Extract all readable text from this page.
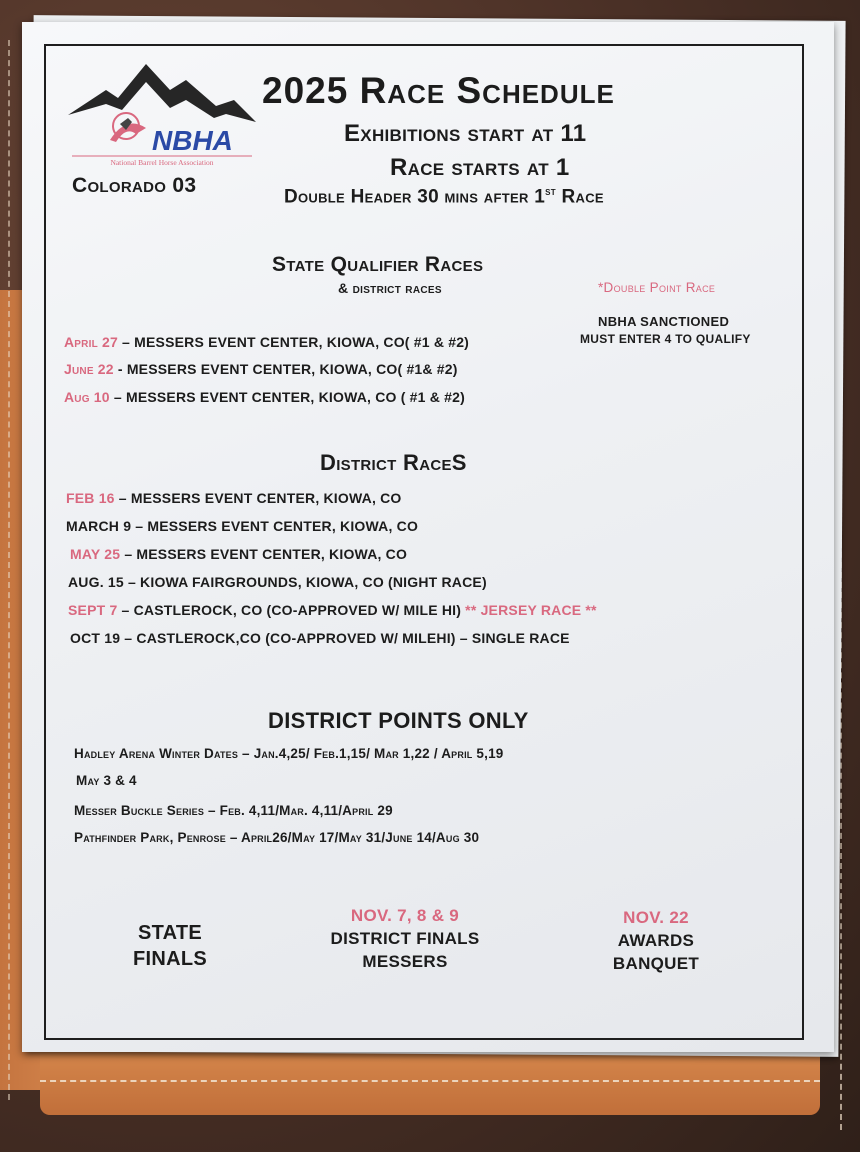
NBHA
National Barrel Horse Association
Colorado 03
2025 Race Schedule
Exhibitions start at 11
Race starts at 1
Double Header 30 mins after 1st Race
State Qualifier Races
& district races	*Double Point Race
NBHA SANCTIONED
MUST ENTER 4 TO QUALIFY
April 27 – MESSERS EVENT CENTER, KIOWA, CO( #1 & #2)
June 22 - MESSERS EVENT CENTER, KIOWA, CO( #1& #2)
Aug 10 – MESSERS EVENT CENTER, KIOWA, CO ( #1 & #2)
District RaceS
FEB 16 – MESSERS EVENT CENTER, KIOWA, CO
MARCH 9 – MESSERS EVENT CENTER, KIOWA, CO
MAY 25 – MESSERS EVENT CENTER, KIOWA, CO
AUG. 15 – KIOWA FAIRGROUNDS, KIOWA, CO (NIGHT RACE)
SEPT 7 – CASTLEROCK, CO (CO-APPROVED W/ MILE HI) ** JERSEY RACE **
OCT 19 – CASTLEROCK,CO (CO-APPROVED W/ MILEHI) – SINGLE RACE
DISTRICT POINTS ONLY
Hadley Arena Winter Dates – Jan.4,25/ Feb.1,15/ Mar 1,22 / April 5,19
May 3 & 4
Messer Buckle Series – Feb. 4,11/Mar. 4,11/April 29
Pathfinder Park, Penrose – April26/May 17/May 31/June 14/Aug 30
STATE
FINALS
NOV. 7, 8 & 9
DISTRICT FINALS
MESSERS
NOV. 22
AWARDS
BANQUET
